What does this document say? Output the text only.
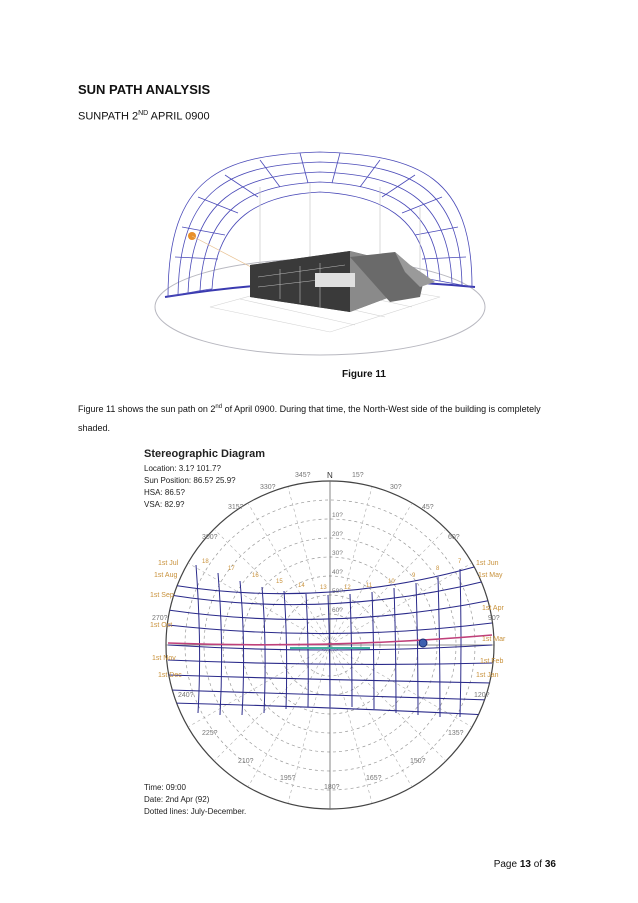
SUN PATH ANALYSIS
SUNPATH 2ND APRIL 0900
Figure 11
Figure 11 shows the sun path on 2nd of April 0900. During that time, the North-West side of the building is completely shaded.
Stereographic Diagram
Location: 3.1? 101.7?
Sun Position: 86.5? 25.9?
HSA: 86.5?
VSA: 82.9?
N
345?	15?
330?	30?
315?	45?
300?	60?
270?	90?
240?	120?
225?	135?
210?	150?
195?	165?
180?
10?
20?
30?
40?
50?
60?
1st Jul
1st Aug
1st Sep
1st Oct
1st Nov
1st Dec
1st Jun
1st May
1st Apr
1st Mar
1st Feb
1st Jan
18
17
16
15
14	13	12	11
10
9
8
7
Time: 09:00
Date: 2nd Apr (92)
Dotted lines: July-December.
Page 13 of 36
